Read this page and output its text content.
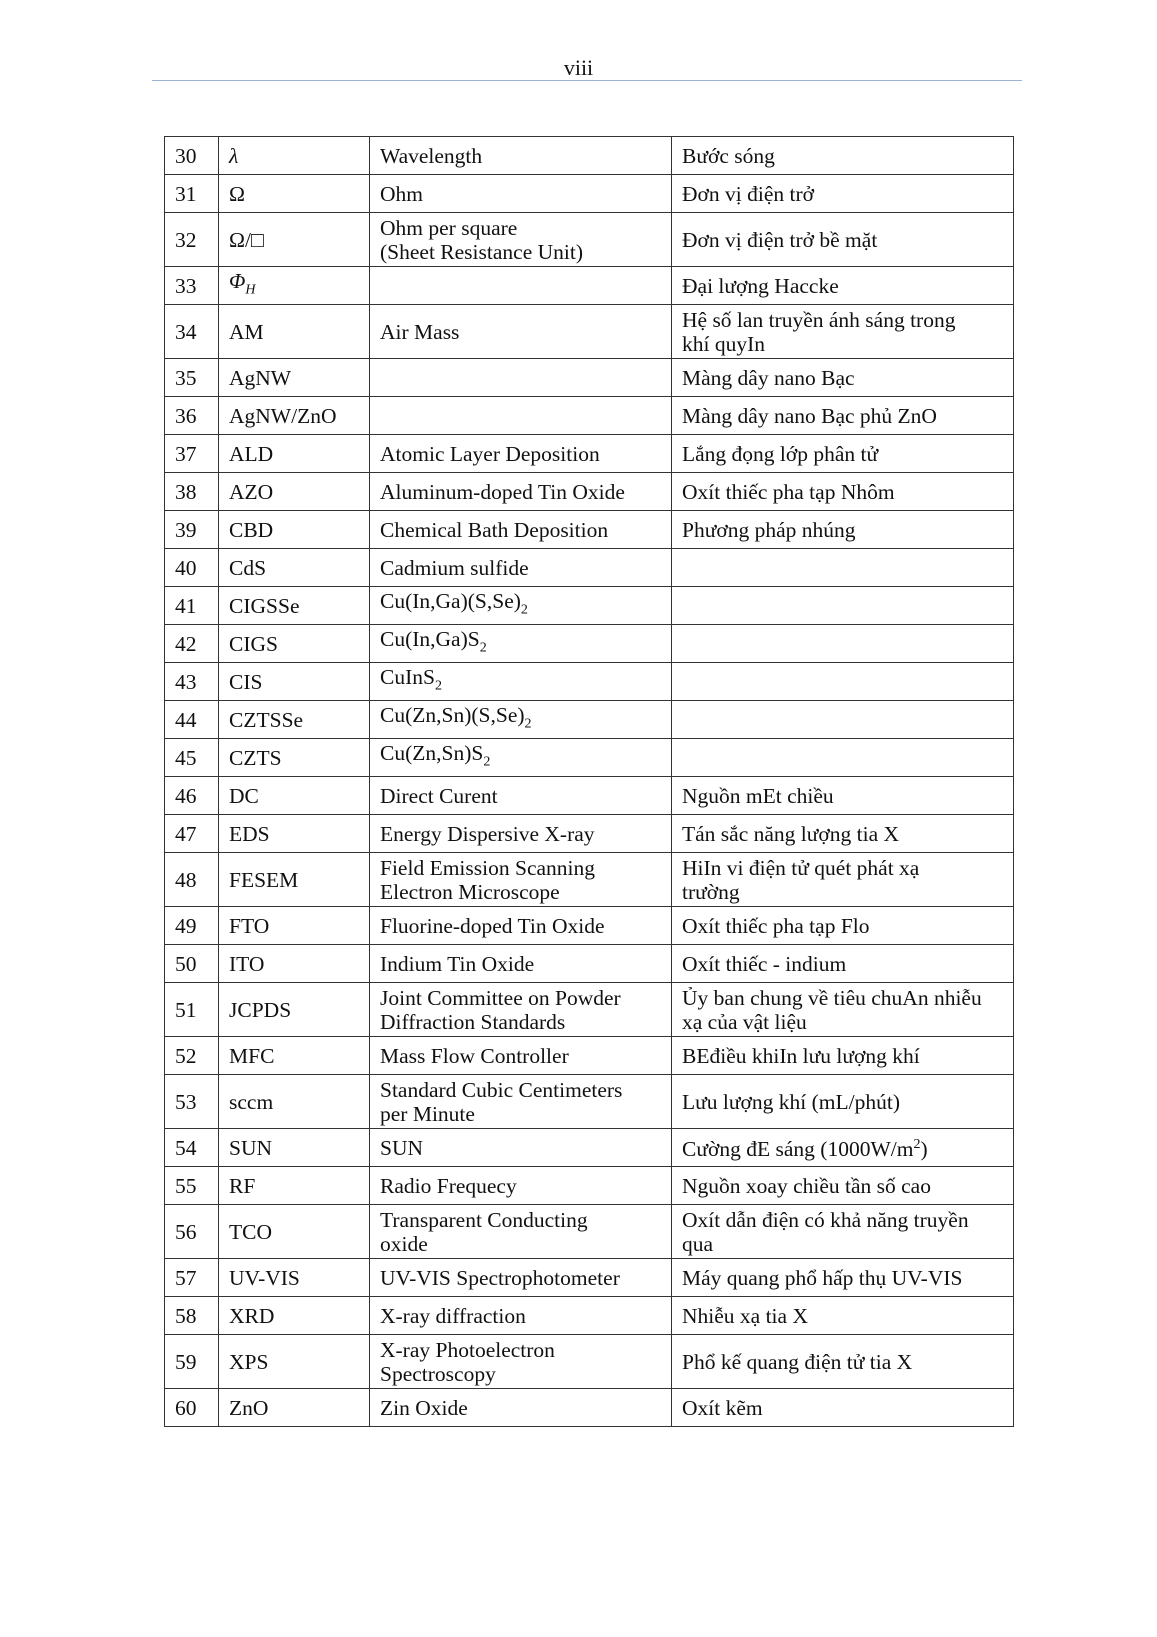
viii
30	λ	Wavelength	Bước sóng

31	Ω	Ohm	Đơn vị điện trở

32	Ω/□	Ohm per square
(Sheet Resistance Unit)	Đơn vị điện trở bề mặt

33	$\Phi_H$		Đại lượng Haccke

34	AM	Air Mass	Hệ số lan truyền ánh sáng trong
khí quyIn

35	AgNW		Màng dây nano Bạc

36	AgNW/ZnO		Màng dây nano Bạc phủ ZnO

37	ALD	Atomic Layer Deposition	Lắng đọng lớp phân tử

38	AZO	Aluminum-doped Tin Oxide	Oxít thiếc pha tạp Nhôm

39	CBD	Chemical Bath Deposition	Phương pháp nhúng

40	CdS	Cadmium sulfide	

41	CIGSSe	$Cu(In,Ga)(S,Se)_2$	

42	CIGS	$Cu(In,Ga)S_2$	

43	CIS	CuInS$_2$	

44	CZTSSe	$Cu(Zn,Sn)(S,Se)_2$	

45	CZTS	$Cu(Zn,Sn)S_2$	

46	DC	Direct Curent	Nguồn mEt chiều

47	EDS	Energy Dispersive X-ray	Tán sắc năng lượng tia X

48	FESEM	Field Emission Scanning
Electron Microscope	HiIn vi điện tử quét phát xạ
trường

49	FTO	Fluorine-doped Tin Oxide	Oxít thiếc pha tạp Flo

50	ITO	Indium Tin Oxide	Oxít thiếc - indium

51	JCPDS	Joint Committee on Powder
Diffraction Standards	Ủy ban chung về tiêu chuAn nhiễu
xạ của vật liệu

52	MFC	Mass Flow Controller	BEđiều khiIn lưu lượng khí

53	sccm	Standard Cubic Centimeters
per Minute	Lưu lượng khí (mL/phút)

54	SUN	SUN	Cường đE sáng $(1000W/m^2)$
55	RF	Radio Frequecy	Nguồn xoay chiều tần số cao

56	TCO	Transparent Conducting
oxide	Oxít dẫn điện có khả năng truyền
qua

57	UV-VIS	UV-VIS Spectrophotometer	Máy quang phổ hấp thụ UV-VIS

58	XRD	X-ray diffraction	Nhiễu xạ tia X

59	XPS	X-ray Photoelectron
Spectroscopy	Phổ kế quang điện tử tia X

60	ZnO	Zin Oxide	Oxít kẽm
